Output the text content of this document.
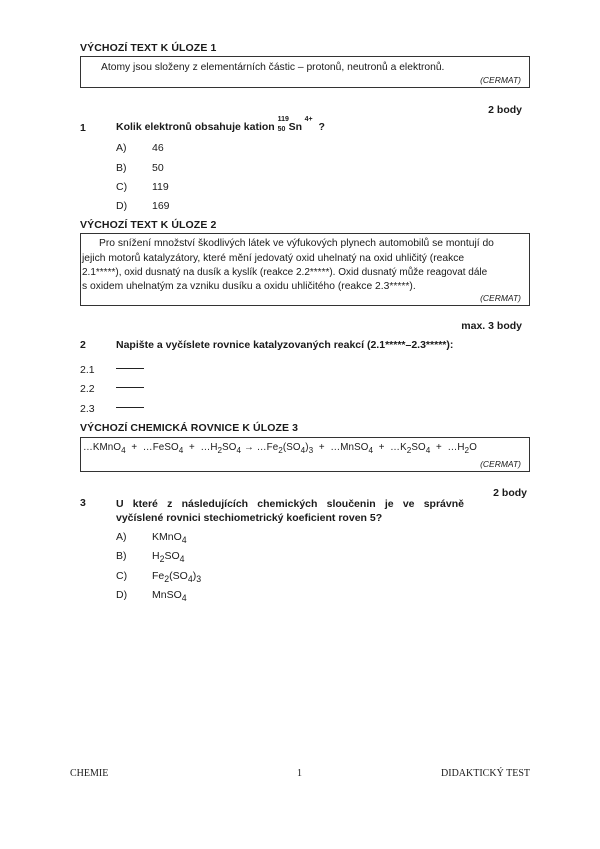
VÝCHOZÍ TEXT K ÚLOZE 1
Atomy jsou složeny z elementárních částic – protonů, neutronů a elektronů.
(CERMAT)
2 body
1	Kolik elektronů obsahuje kation
119
50 Sn
4+
?
A) 46
B) 50
C) 119
D) 169
VÝCHOZÍ TEXT K ÚLOZE 2
Pro snížení množství škodlivých látek ve výfukových plynech automobilů se montují do
jejich motorů katalyzátory, které mění jedovatý oxid uhelnatý na oxid uhličitý (reakce
2.1*****), oxid dusnatý na dusík a kyslík (reakce 2.2*****). Oxid dusnatý může reagovat dále
s oxidem uhelnatým za vzniku dusíku a oxidu uhličitého (reakce 2.3*****).
(CERMAT)
max. 3 body
2	Napište a vyčíslete rovnice katalyzovaných reakcí (2.1*****–2.3*****):
2.1
2.2
2.3
VÝCHOZÍ CHEMICKÁ ROVNICE K ÚLOZE 3
…KMnO$_4$  +  …FeSO$_4$  +  $\dots H_2SO_4$ → $\dots Fe_2(SO_4)_3$  +  …MnSO$_4$  +  $\dots K_2SO_4$  +  $\dots H_2O$
(CERMAT)
2 body
3	U které z následujících chemických sloučenin je ve správně
vyčíslené rovnici stechiometrický koeficient roven 5?
A) KMnO$_4$
B) $H_2SO_4$
C) $Fe_2(SO_4)_3$
D) MnSO$_4$
CHEMIE	1	DIDAKTICKÝ TEST
